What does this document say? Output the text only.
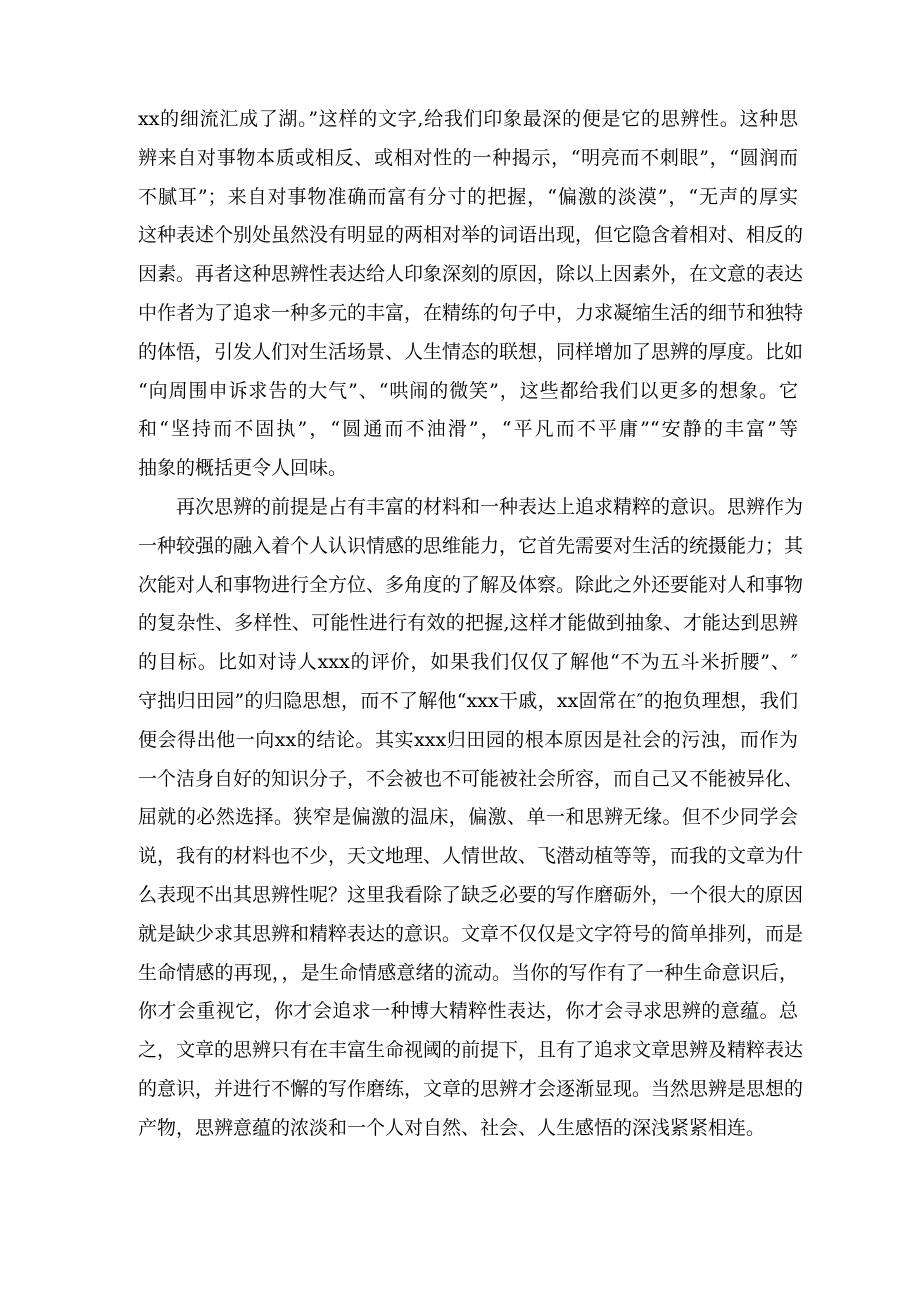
xx的细流汇成了湖。”这样的文字,给我们印象最深的便是它的思辨性。这种思
辨来自对事物本质或相反、或相对性的一种揭示，“明亮而不刺眼”，“圆润而
不腻耳”；来自对事物准确而富有分寸的把握，“偏激的淡漠”，“无声的厚实
这种表述个别处虽然没有明显的两相对举的词语出现，但它隐含着相对、相反的
因素。再者这种思辨性表达给人印象深刻的原因，除以上因素外，在文意的表达
中作者为了追求一种多元的丰富，在精练的句子中，力求凝缩生活的细节和独特
的体悟，引发人们对生活场景、人生情态的联想，同样增加了思辨的厚度。比如
“向周围申诉求告的大气”、“哄闹的微笑”，这些都给我们以更多的想象。它
和“坚持而不固执”，“圆通而不油滑”，“平凡而不平庸”“安静的丰富”等
抽象的概括更令人回味。
再次思辨的前提是占有丰富的材料和一种表达上追求精粹的意识。思辨作为
一种较强的融入着个人认识情感的思维能力，它首先需要对生活的统摄能力；其
次能对人和事物进行全方位、多角度的了解及体察。除此之外还要能对人和事物
的复杂性、多样性、可能性进行有效的把握,这样才能做到抽象、才能达到思辨
的目标。比如对诗人xxx的评价，如果我们仅仅了解他“不为五斗米折腰”、″
守拙归田园”的归隐思想，而不了解他“xxx干戚，xx固常在″的抱负理想，我们
便会得出他一向xx的结论。其实xxx归田园的根本原因是社会的污浊，而作为
一个洁身自好的知识分子，不会被也不可能被社会所容，而自己又不能被异化、
屈就的必然选择。狭窄是偏激的温床，偏激、单一和思辨无缘。但不少同学会
说，我有的材料也不少，天文地理、人情世故、飞潜动植等等，而我的文章为什
么表现不出其思辨性呢？这里我看除了缺乏必要的写作磨砺外，一个很大的原因
就是缺少求其思辨和精粹表达的意识。文章不仅仅是文字符号的简单排列，而是
生命情感的再现，，是生命情感意绪的流动。当你的写作有了一种生命意识后，
你才会重视它，你才会追求一种博大精粹性表达，你才会寻求思辨的意蕴。总
之，文章的思辨只有在丰富生命视阈的前提下，且有了追求文章思辨及精粹表达
的意识，并进行不懈的写作磨练，文章的思辨才会逐渐显现。当然思辨是思想的
产物，思辨意蕴的浓淡和一个人对自然、社会、人生感悟的深浅紧紧相连。
